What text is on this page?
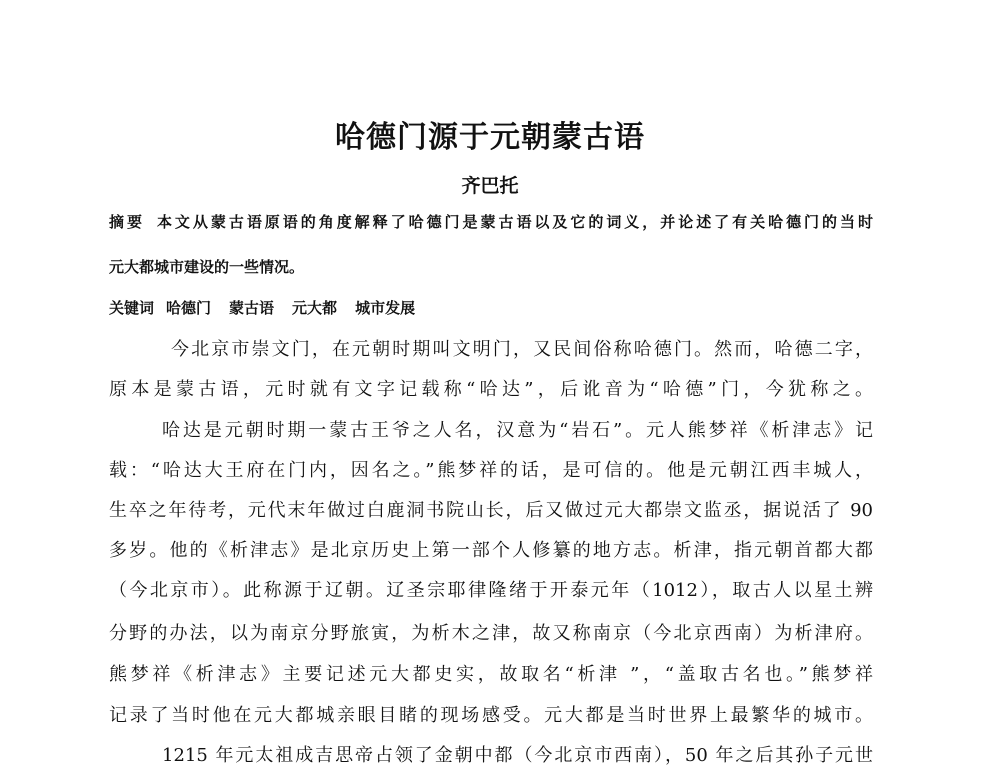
哈德门源于元朝蒙古语
齐巴托
摘要 本文从蒙古语原语的角度解释了哈德门是蒙古语以及它的词义，并论述了有关哈德门的当时
元大都城市建设的一些情况。
关键词 哈德门 蒙古语 元大都 城市发展
今北京市崇文门，在元朝时期叫文明门，又民间俗称哈德门。然而，哈德二字，
原本是蒙古语，元时就有文字记载称“哈达”，后讹音为“哈德”门，今犹称之。
哈达是元朝时期一蒙古王爷之人名，汉意为“岩石”。元人熊梦祥《析津志》记
载：“哈达大王府在门内，因名之。”熊梦祥的话，是可信的。他是元朝江西丰城人，
生卒之年待考，元代末年做过白鹿洞书院山长，后又做过元大都崇文监丞，据说活了 90
多岁。他的《析津志》是北京历史上第一部个人修纂的地方志。析津，指元朝首都大都
（今北京市）。此称源于辽朝。辽圣宗耶律隆绪于开泰元年（1012），取古人以星土辨
分野的办法，以为南京分野旅寅，为析木之津，故又称南京（今北京西南）为析津府。
熊梦祥《析津志》主要记述元大都史实，故取名“析津 ”，“盖取古名也。”熊梦祥
记录了当时他在元大都城亲眼目睹的现场感受。元大都是当时世界上最繁华的城市。
1215 年元太祖成吉思帝占领了金朝中都（今北京市西南），50 年之后其孙子元世
